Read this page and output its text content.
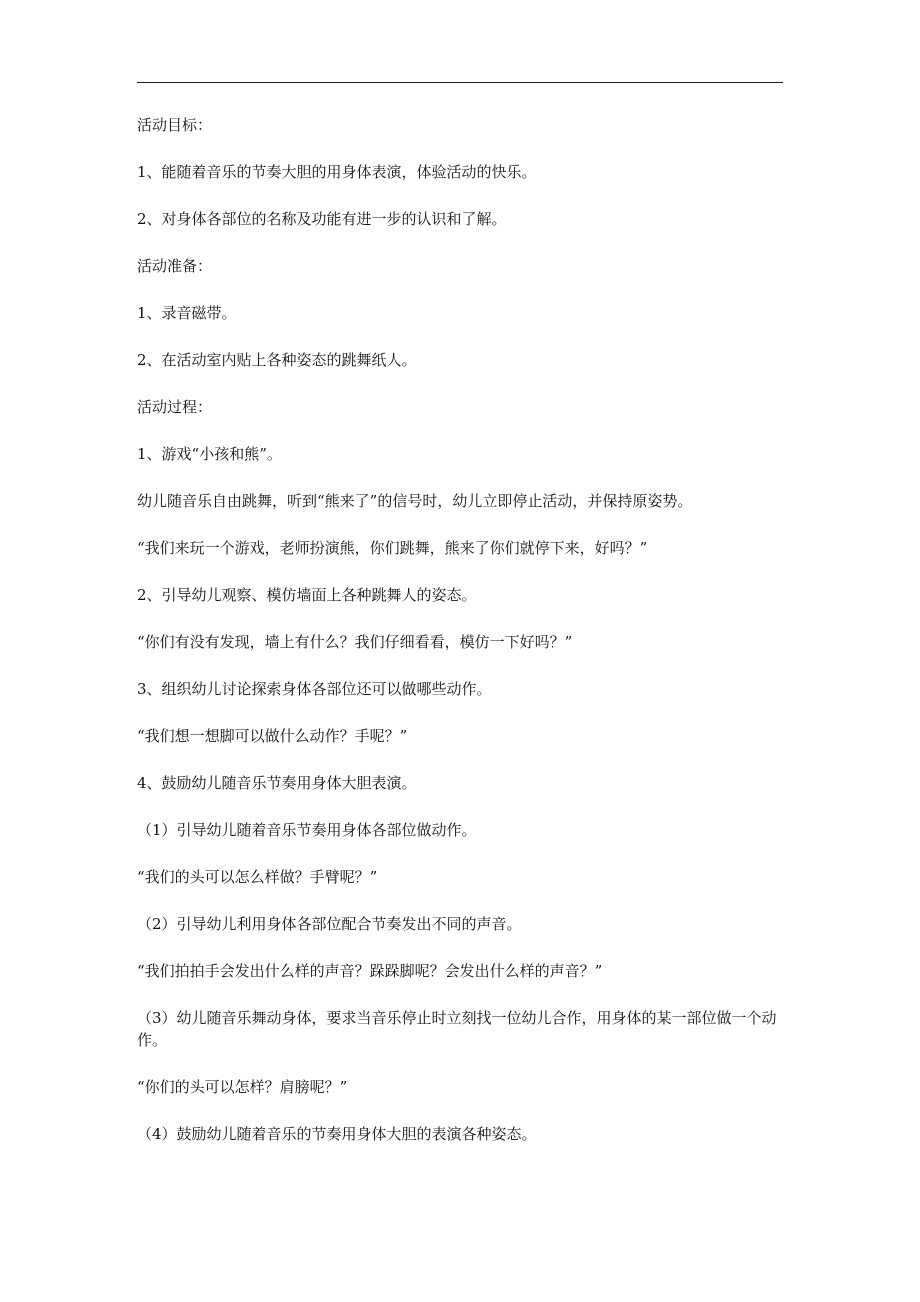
活动目标：

1、能随着音乐的节奏大胆的用身体表演，体验活动的快乐。

2、对身体各部位的名称及功能有进一步的认识和了解。

活动准备：

1、录音磁带。

2、在活动室内贴上各种姿态的跳舞纸人。

活动过程：

1、游戏“小孩和熊”。

幼儿随音乐自由跳舞，听到“熊来了”的信号时，幼儿立即停止活动，并保持原姿势。

“我们来玩一个游戏，老师扮演熊，你们跳舞，熊来了你们就停下来，好吗？”

2、引导幼儿观察、模仿墙面上各种跳舞人的姿态。

“你们有没有发现，墙上有什么？我们仔细看看，模仿一下好吗？”

3、组织幼儿讨论探索身体各部位还可以做哪些动作。

“我们想一想脚可以做什么动作？手呢？”

4、鼓励幼儿随音乐节奏用身体大胆表演。

（1）引导幼儿随着音乐节奏用身体各部位做动作。

“我们的头可以怎么样做？手臂呢？”

（2）引导幼儿利用身体各部位配合节奏发出不同的声音。

“我们拍拍手会发出什么样的声音？跺跺脚呢？会发出什么样的声音？”

（3）幼儿随音乐舞动身体，要求当音乐停止时立刻找一位幼儿合作，用身体的某一部位做一个动作。

“你们的头可以怎样？肩膀呢？”

（4）鼓励幼儿随着音乐的节奏用身体大胆的表演各种姿态。
